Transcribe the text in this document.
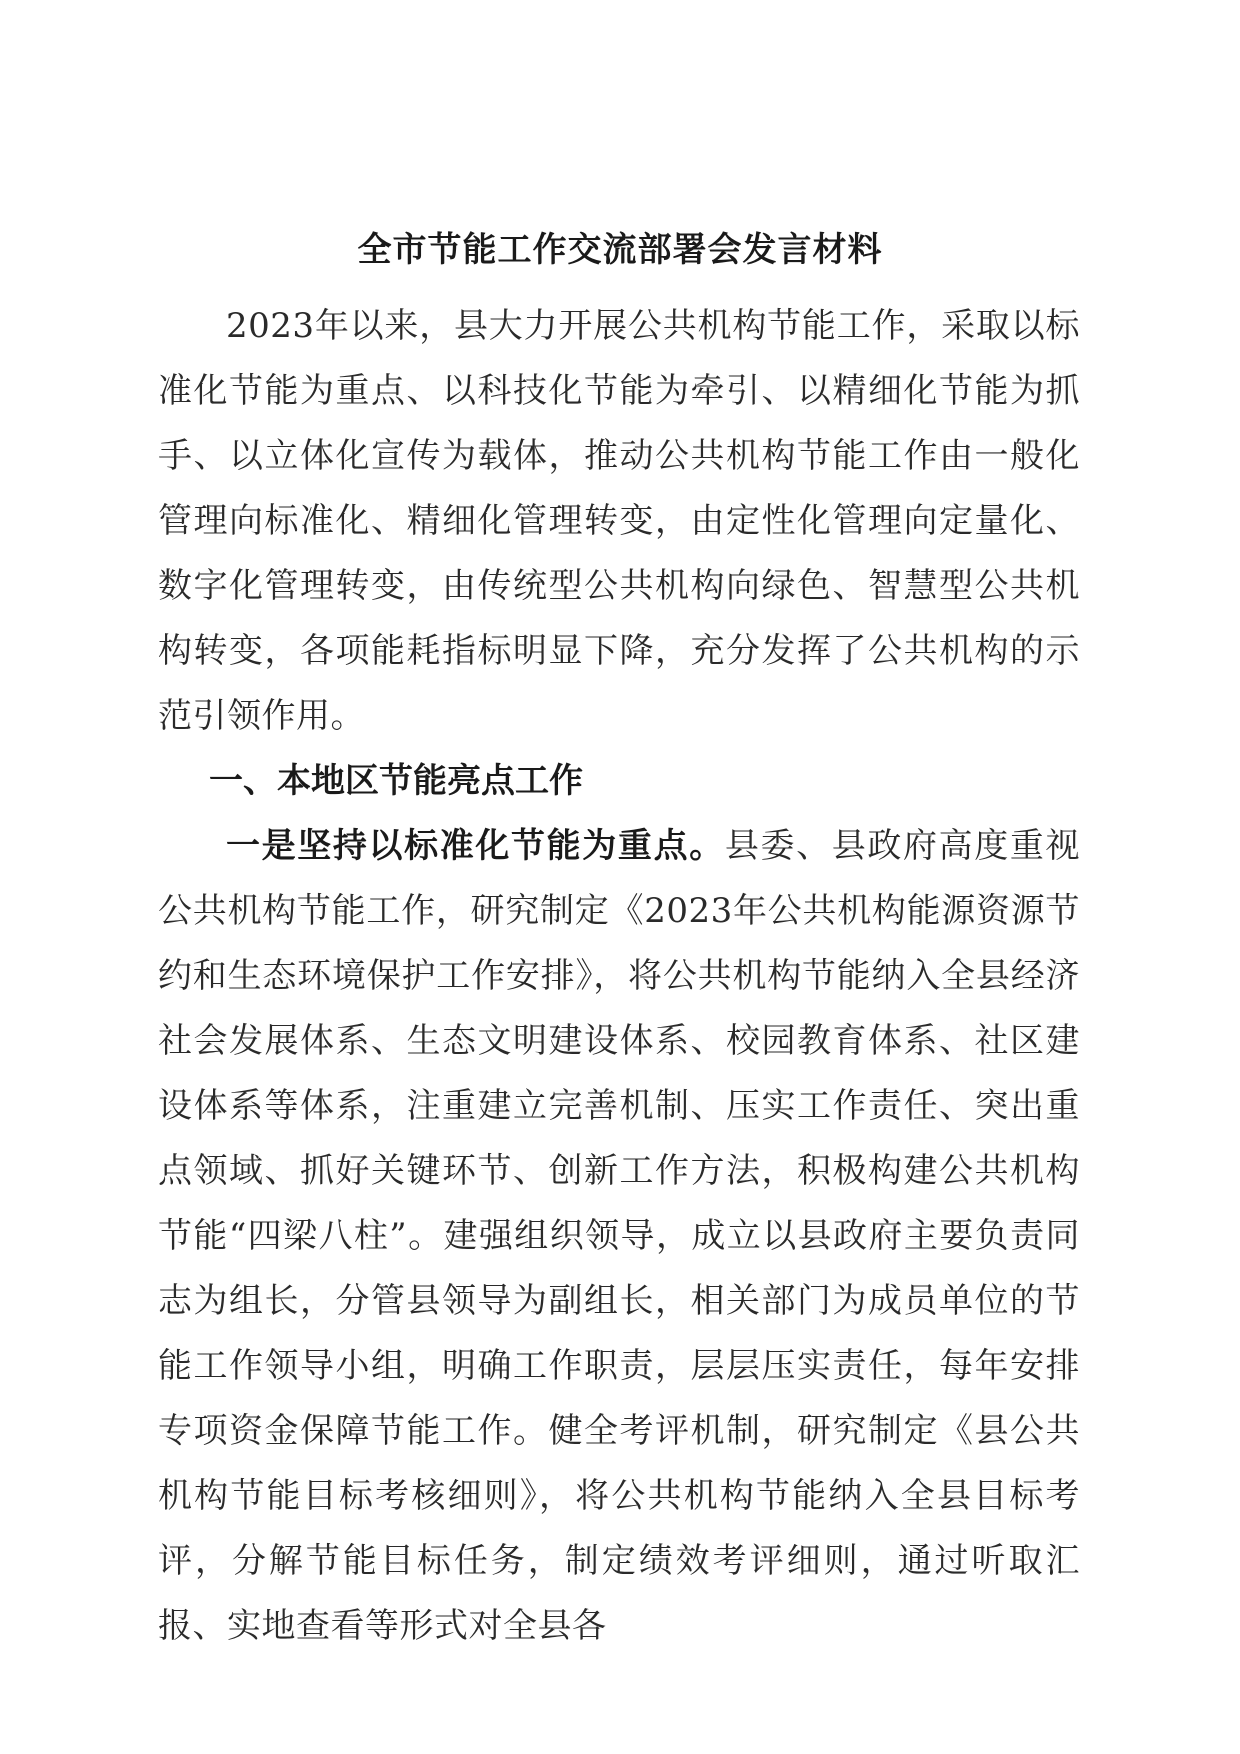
全市节能工作交流部署会发言材料

2023年以来，县大力开展公共机构节能工作，采取以标准化节能为重点、以科技化节能为牵引、以精细化节能为抓手、以立体化宣传为载体，推动公共机构节能工作由一般化管理向标准化、精细化管理转变，由定性化管理向定量化、数字化管理转变，由传统型公共机构向绿色、智慧型公共机构转变，各项能耗指标明显下降，充分发挥了公共机构的示范引领作用。

一、本地区节能亮点工作

一是坚持以标准化节能为重点。县委、县政府高度重视公共机构节能工作，研究制定《2023年公共机构能源资源节约和生态环境保护工作安排》，将公共机构节能纳入全县经济社会发展体系、生态文明建设体系、校园教育体系、社区建设体系等体系，注重建立完善机制、压实工作责任、突出重点领域、抓好关键环节、创新工作方法，积极构建公共机构节能“四梁八柱”。建强组织领导，成立以县政府主要负责同志为组长，分管县领导为副组长，相关部门为成员单位的节能工作领导小组，明确工作职责，层层压实责任，每年安排专项资金保障节能工作。健全考评机制，研究制定《县公共机构节能目标考核细则》，将公共机构节能纳入全县目标考评，分解节能目标任务，制定绩效考评细则，通过听取汇报、实地查看等形式对全县各
